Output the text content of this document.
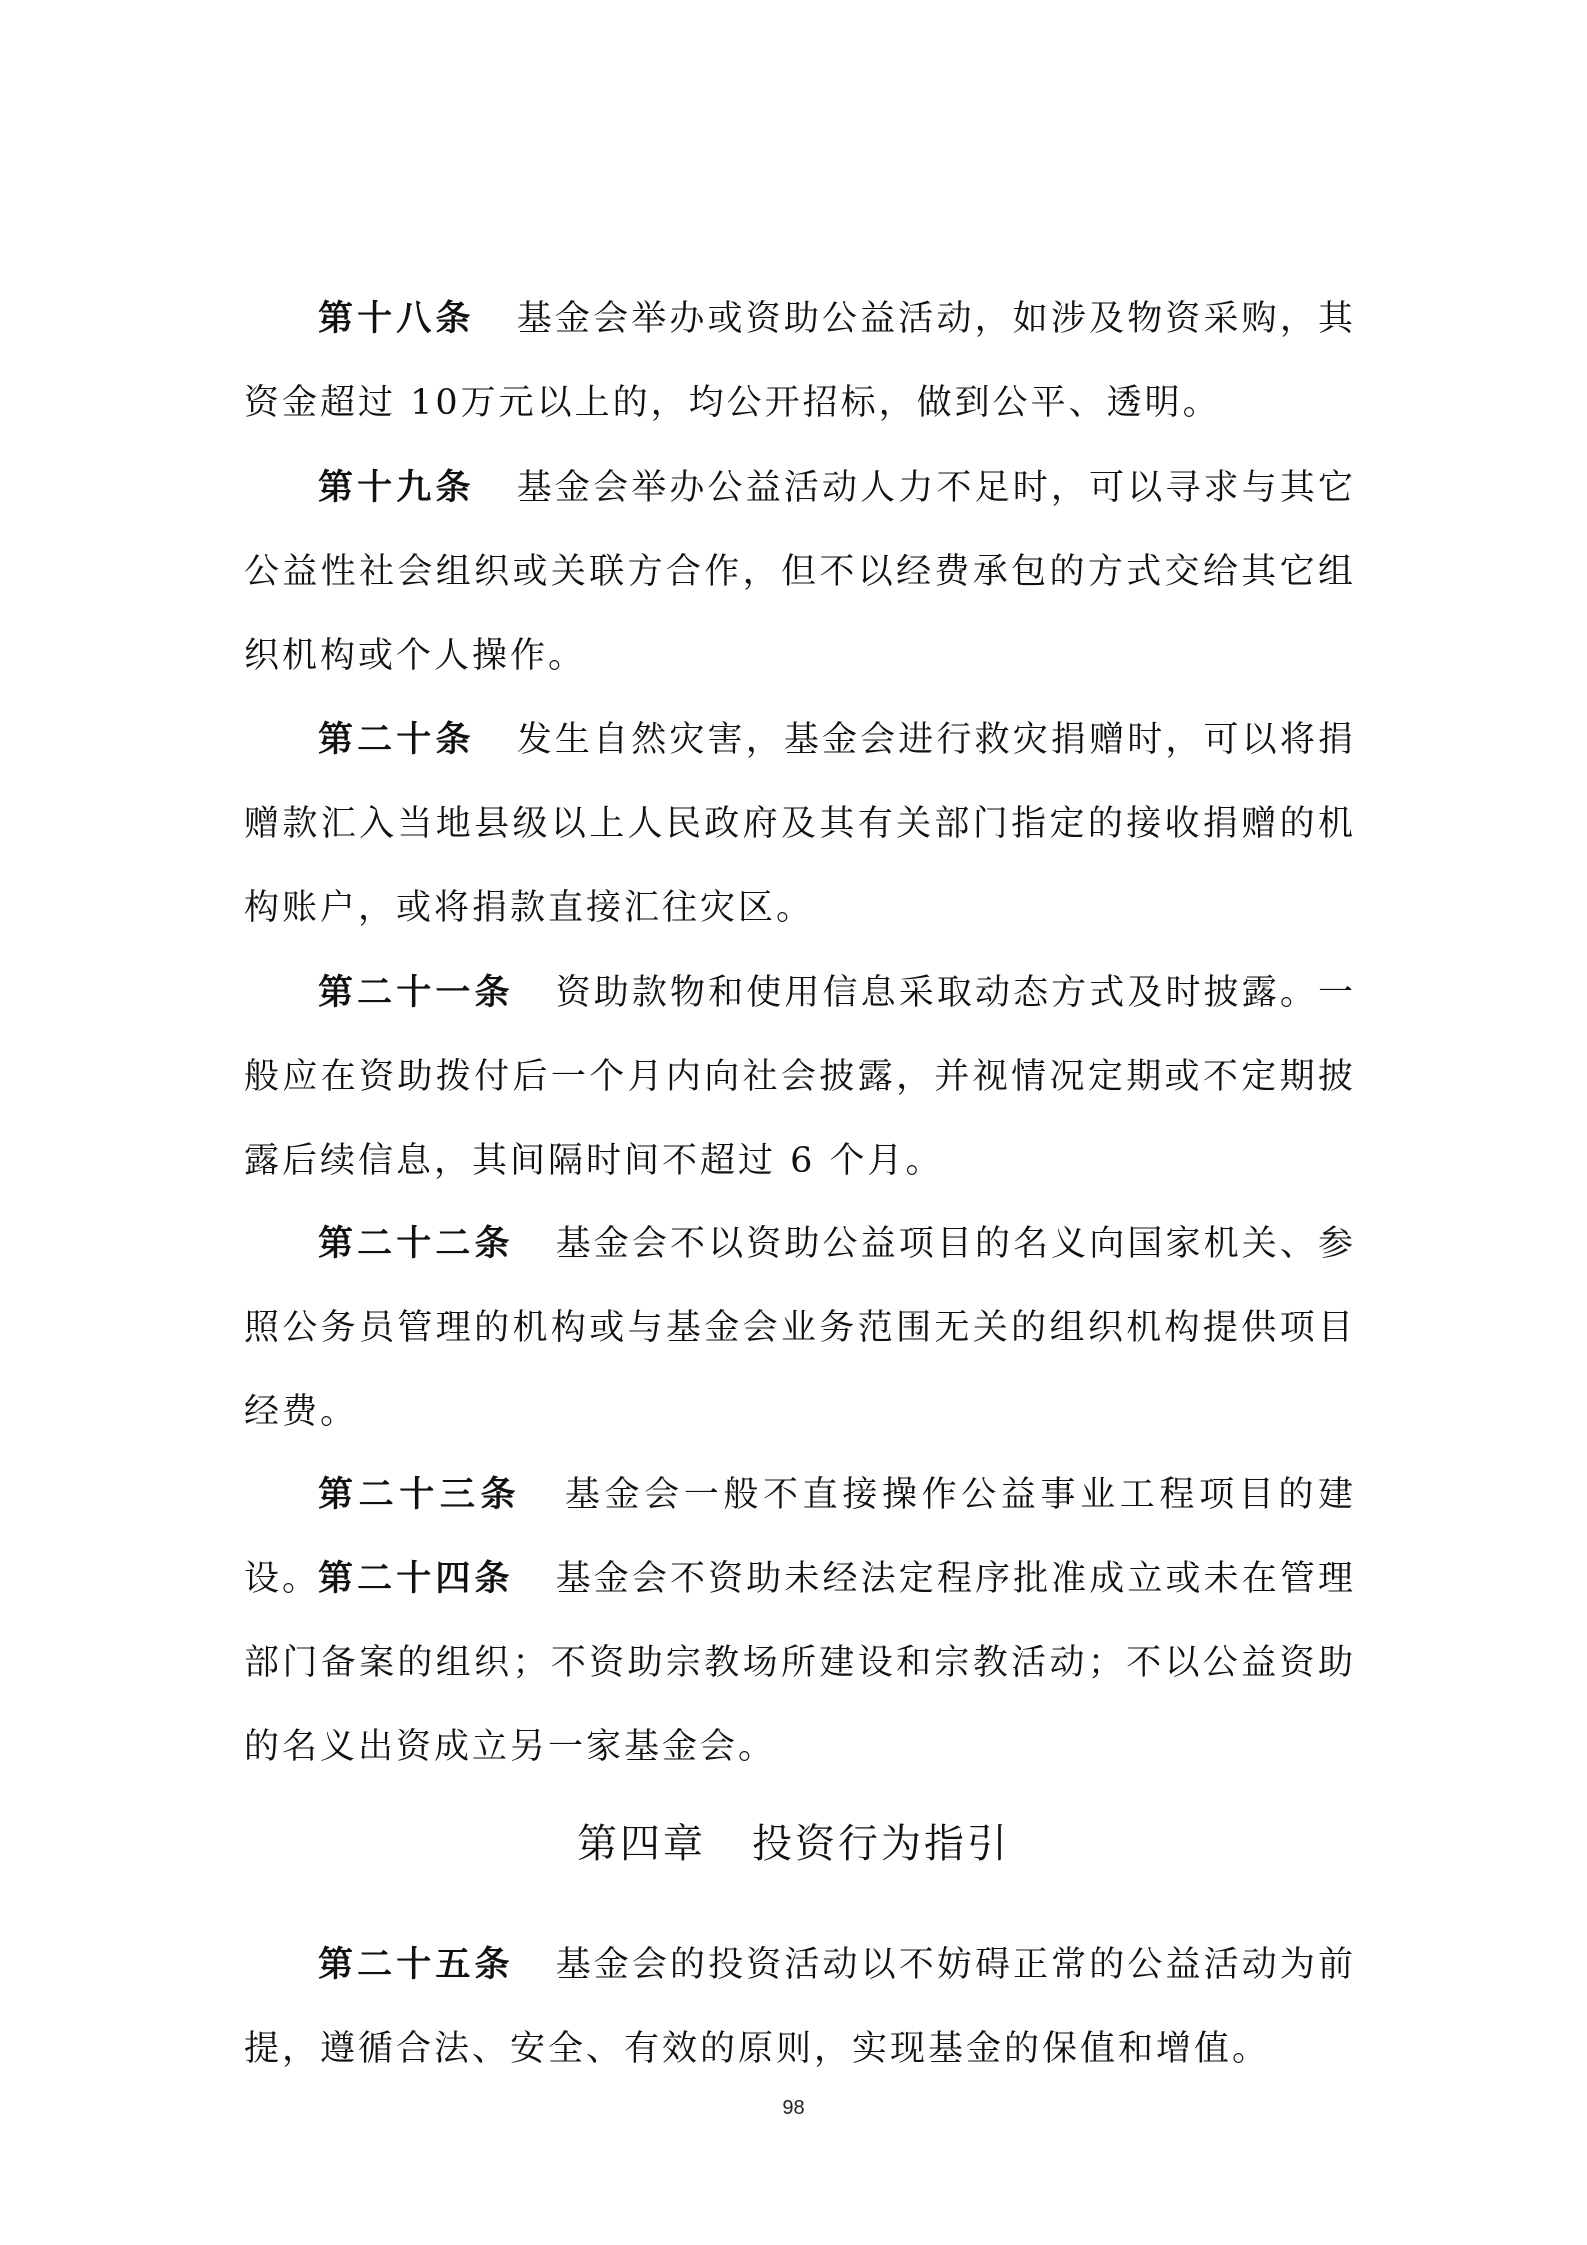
第十八条 基金会举办或资助公益活动，如涉及物资采购，其资金超过 10万元以上的，均公开招标，做到公平、透明。

第十九条 基金会举办公益活动人力不足时，可以寻求与其它公益性社会组织或关联方合作，但不以经费承包的方式交给其它组织机构或个人操作。

第二十条 发生自然灾害，基金会进行救灾捐赠时，可以将捐赠款汇入当地县级以上人民政府及其有关部门指定的接收捐赠的机构账户，或将捐款直接汇往灾区。

第二十一条 资助款物和使用信息采取动态方式及时披露。一般应在资助拨付后一个月内向社会披露，并视情况定期或不定期披露后续信息，其间隔时间不超过 6 个月。

第二十二条 基金会不以资助公益项目的名义向国家机关、参照公务员管理的机构或与基金会业务范围无关的组织机构提供项目经费。

第二十三条 基金会一般不直接操作公益事业工程项目的建设。

第二十四条 基金会不资助未经法定程序批准成立或未在管理部门备案的组织；不资助宗教场所建设和宗教活动；不以公益资助的名义出资成立另一家基金会。

第四章 投资行为指引

第二十五条 基金会的投资活动以不妨碍正常的公益活动为前提，遵循合法、安全、有效的原则，实现基金的保值和增值。

98
